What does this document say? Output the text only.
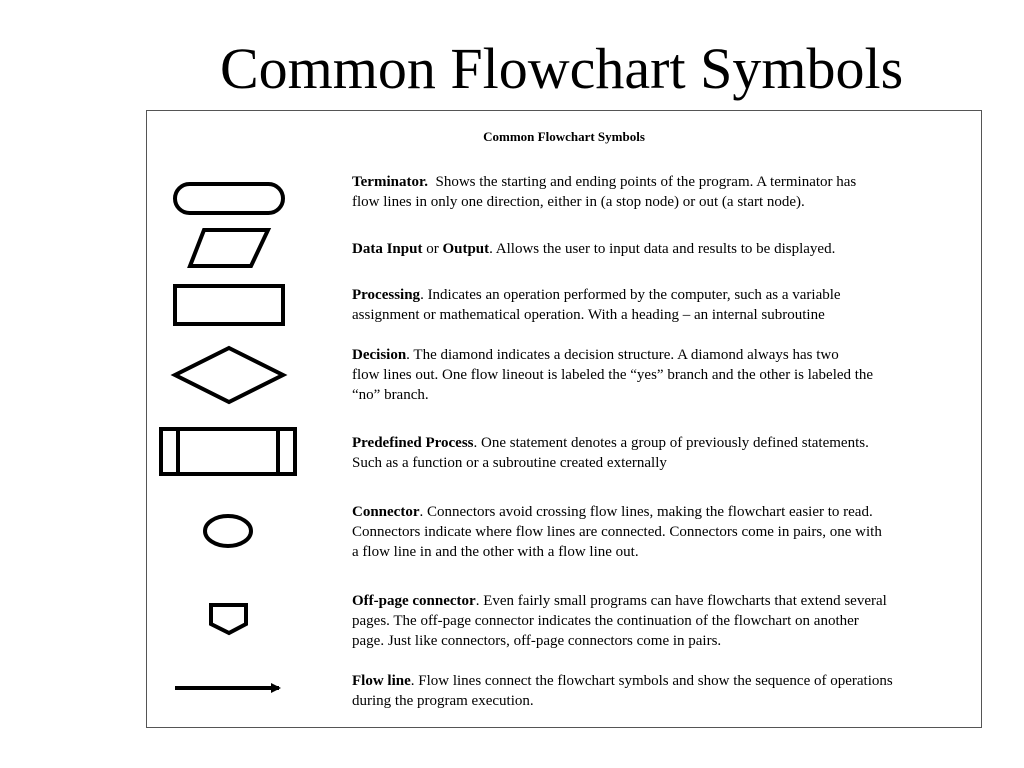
Common Flowchart Symbols
Common Flowchart Symbols
Terminator. Shows the starting and ending points of the program. A terminator has
flow lines in only one direction, either in (a stop node) or out (a start node).
Data Input or Output. Allows the user to input data and results to be displayed.
Processing. Indicates an operation performed by the computer, such as a variable
assignment or mathematical operation. With a heading – an internal subroutine
Decision. The diamond indicates a decision structure. A diamond always has two
flow lines out. One flow lineout is labeled the “yes” branch and the other is labeled the
“no” branch.
Predefined Process. One statement denotes a group of previously defined statements.
Such as a function or a subroutine created externally
Connector. Connectors avoid crossing flow lines, making the flowchart easier to read.
Connectors indicate where flow lines are connected. Connectors come in pairs, one with
a flow line in and the other with a flow line out.
Off-page connector. Even fairly small programs can have flowcharts that extend several
pages. The off-page connector indicates the continuation of the flowchart on another
page. Just like connectors, off-page connectors come in pairs.
Flow line. Flow lines connect the flowchart symbols and show the sequence of operations
during the program execution.
